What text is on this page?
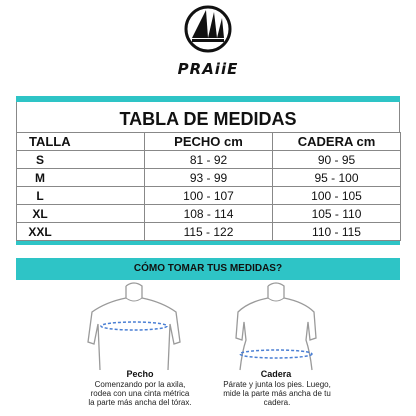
PRAiiE
TABLA DE MEDIDAS
TALLA	PECHO cm	CADERA cm
S	81 - 92	90 - 95
M	93 - 99	95 - 100
L	100 - 107	100 - 105
XL	108 - 114	105 - 110
XXL	115 - 122	110 - 115
CÓMO TOMAR TUS MEDIDAS?
Pecho
Comenzando por la axila,
rodea con una cinta métrica
la parte más ancha del tórax.
Cadera
Párate y junta los pies. Luego,
mide la parte más ancha de tu
cadera.
